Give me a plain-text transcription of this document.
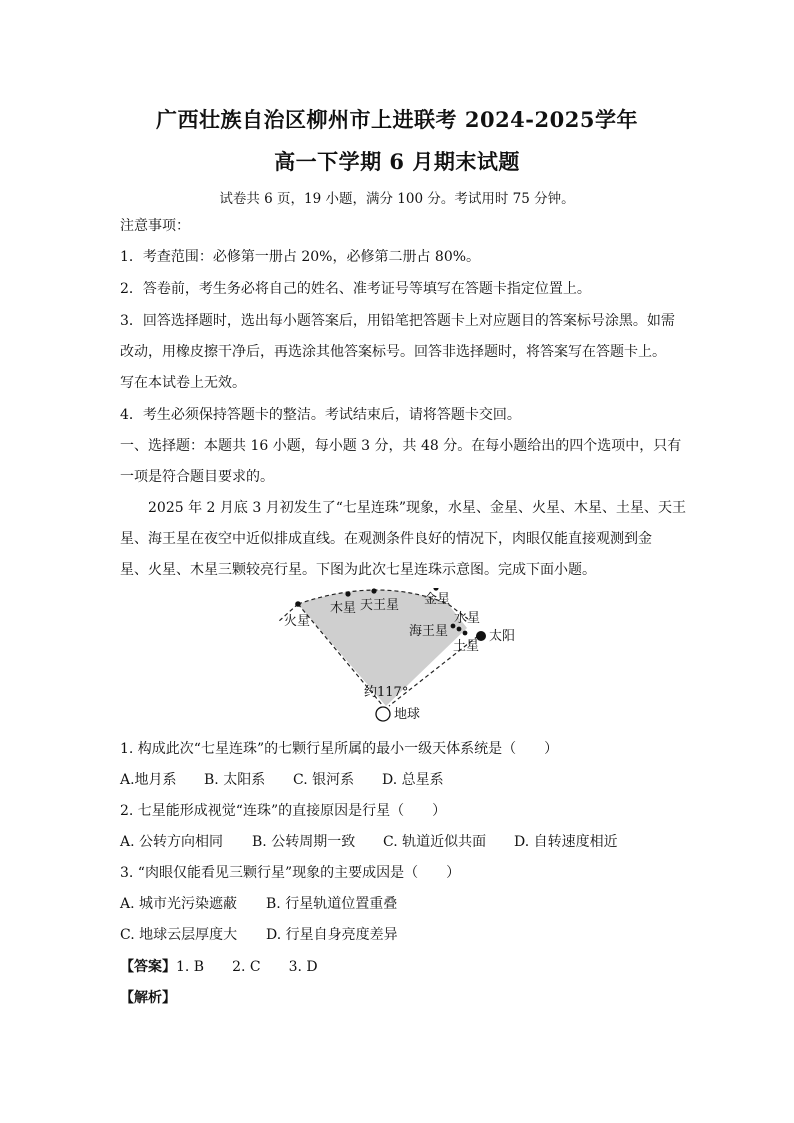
广西壮族自治区柳州市上进联考 2024-2025学年
高一下学期 6 月期末试题
试卷共 6 页，19 小题，满分 100 分。考试用时 75 分钟。
注意事项：
1．考查范围：必修第一册占 20%，必修第二册占 80%。
2．答卷前，考生务必将自己的姓名、准考证号等填写在答题卡指定位置上。
3．回答选择题时，选出每小题答案后，用铅笔把答题卡上对应题目的答案标号涂黑。如需
改动，用橡皮擦干净后，再选涂其他答案标号。回答非选择题时，将答案写在答题卡上。
写在本试卷上无效。
4．考生必须保持答题卡的整洁。考试结束后，请将答题卡交回。
一、选择题：本题共 16 小题，每小题 3 分，共 48 分。在每小题给出的四个选项中，只有
一项是符合题目要求的。
2025 年 2 月底 3 月初发生了“七星连珠”现象，水星、金星、火星、木星、土星、天王
星、海王星在夜空中近似排成直线。在观测条件良好的情况下，肉眼仅能直接观测到金
星、火星、木星三颗较亮行星。下图为此次七星连珠示意图。完成下面小题。
火星
木星 天王星 金星
水星
海王星	太阳
土星
约117°
地球
1. 构成此次“七星连珠”的七颗行星所属的最小一级天体系统是（　　）
A.地月系 B. 太阳系 C. 银河系 D. 总星系
2. 七星能形成视觉“连珠”的直接原因是行星（　　）
A. 公转方向相同 B. 公转周期一致 C. 轨道近似共面 D. 自转速度相近
3. “肉眼仅能看见三颗行星”现象的主要成因是（　　）
A. 城市光污染遮蔽 B. 行星轨道位置重叠
C. 地球云层厚度大 D. 行星自身亮度差异
【答案】1. B　　2. C　　3. D
【解析】
